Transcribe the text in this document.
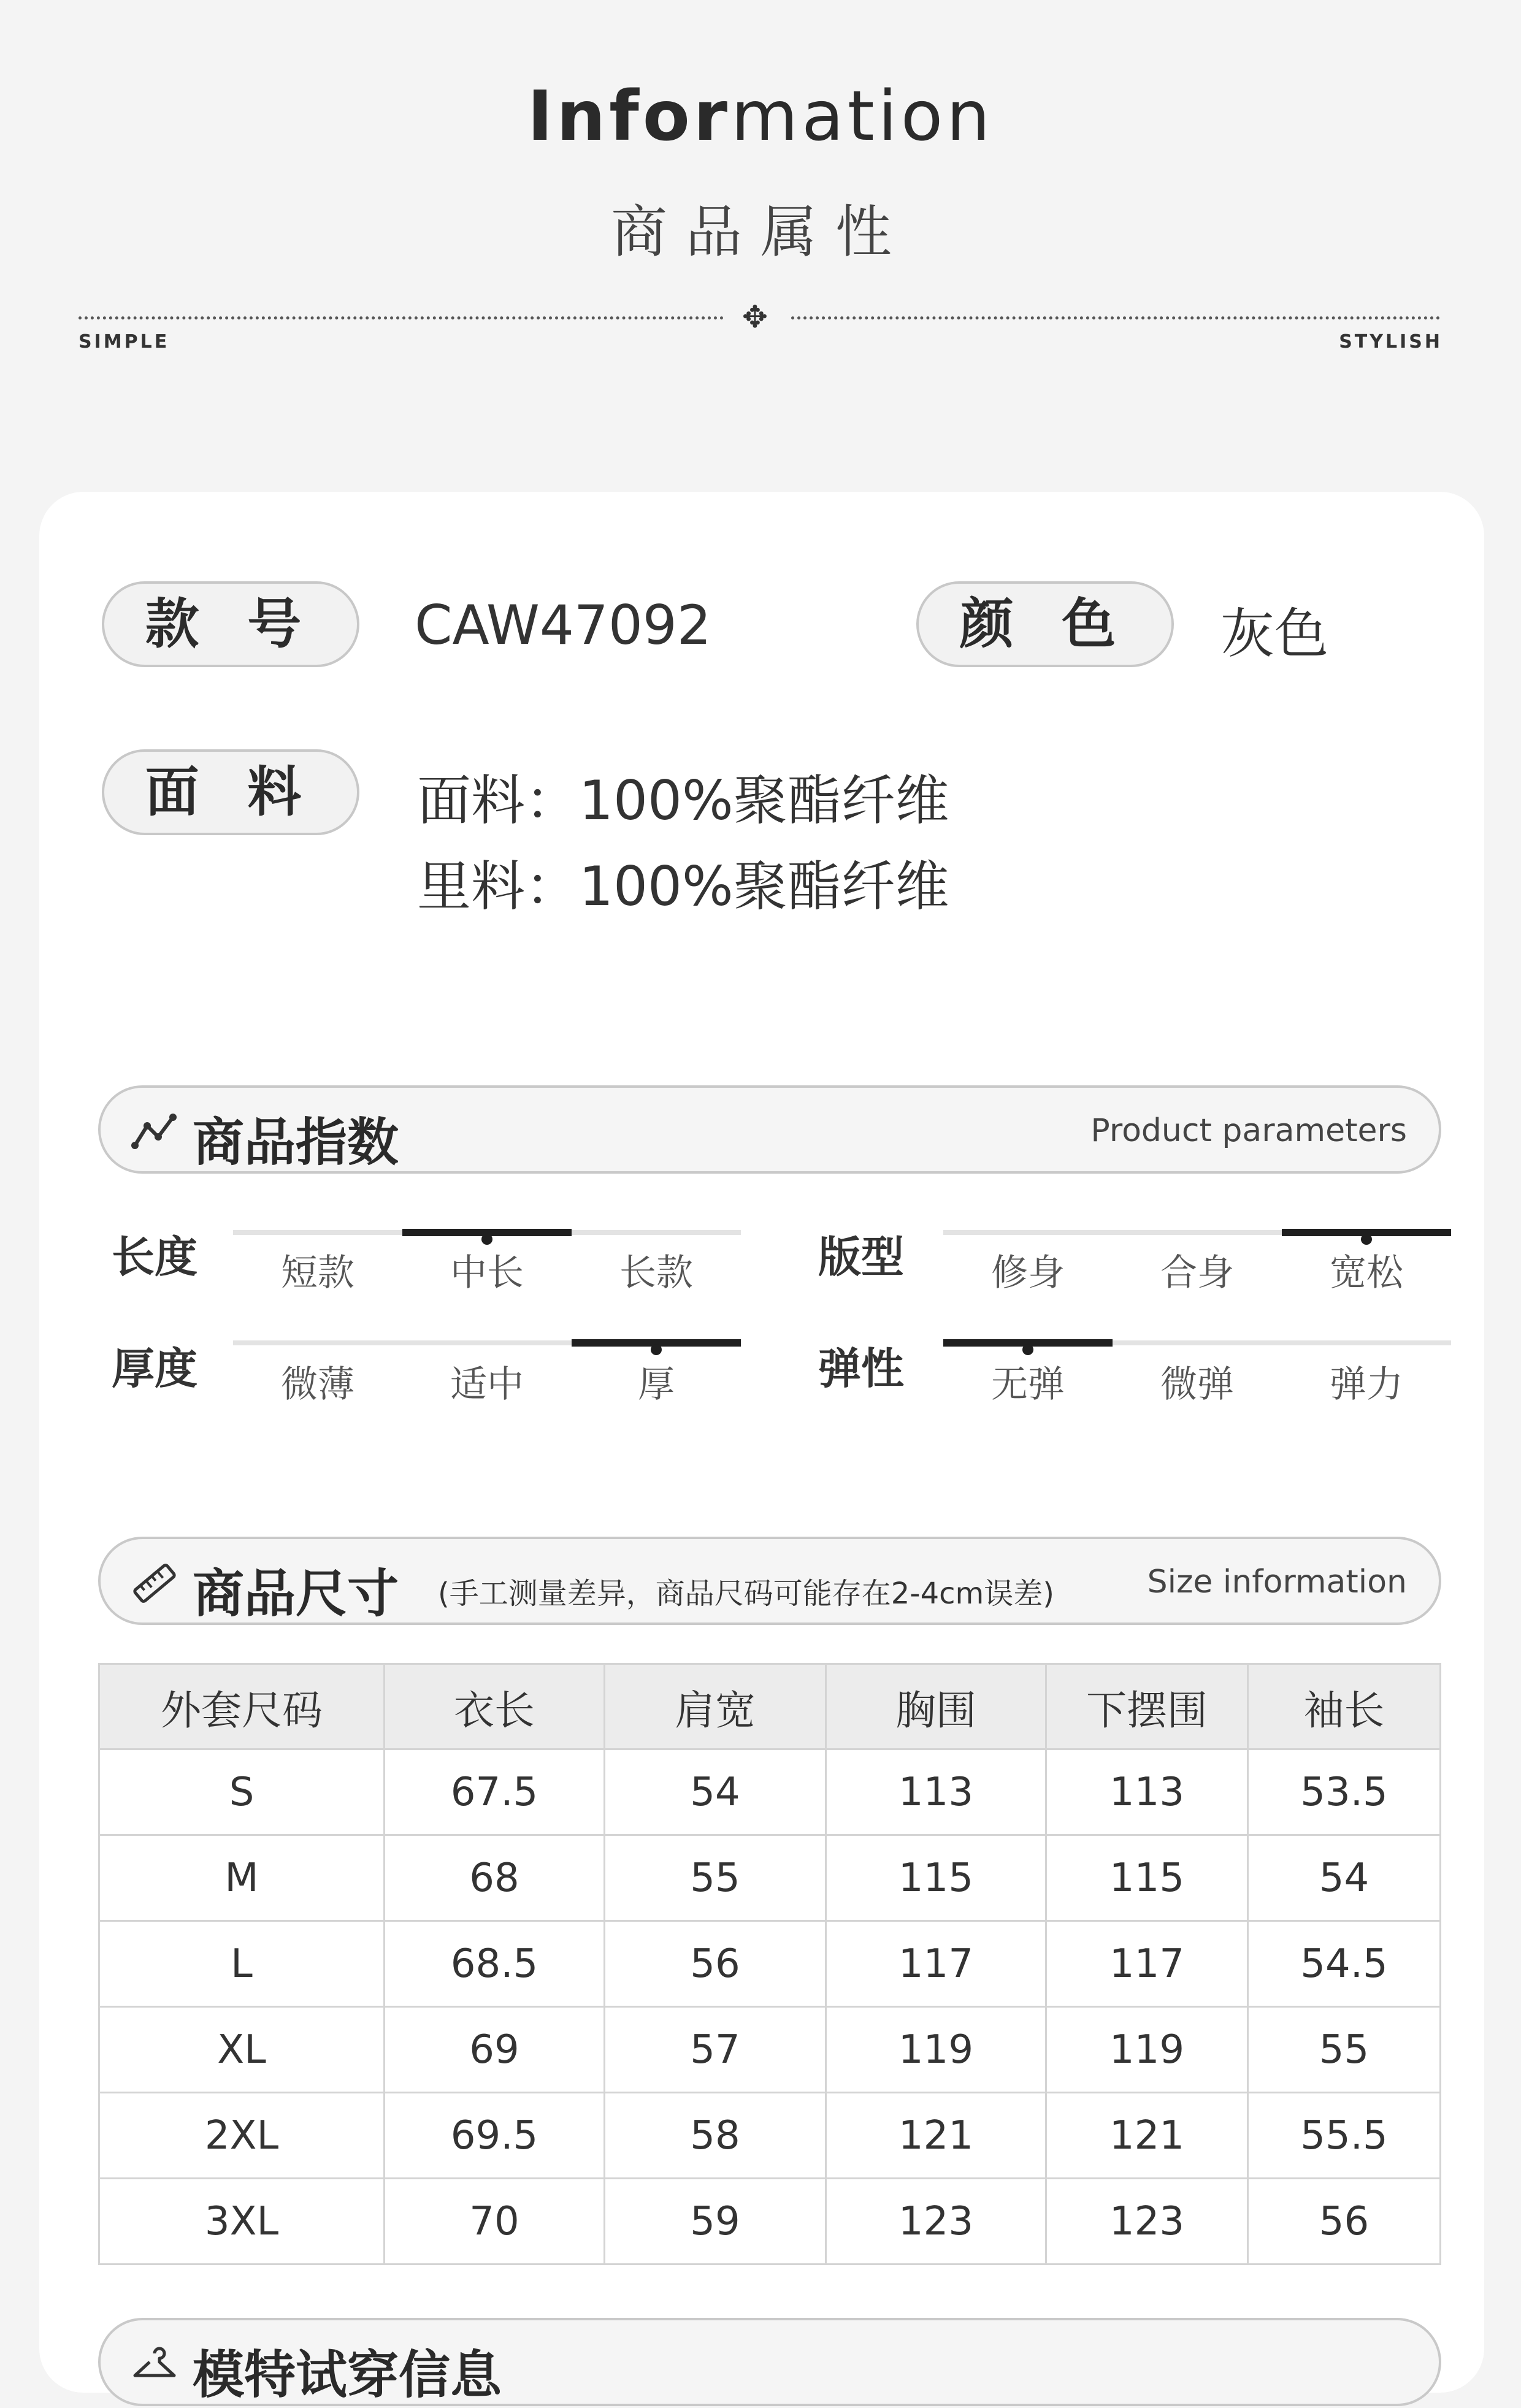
Information
商品属性
✥
SIMPLE	STYLISH
款 号	CAW47092	颜 色	灰色
面 料	面料：100%聚酯纤维
里料：100%聚酯纤维
商品指数	Product parameters
长度	短款	中长	长款	版型	修身	合身	宽松
厚度	微薄	适中	厚	弹性	无弹	微弹	弹力
商品尺寸 (手工测量差异，商品尺码可能存在2-4cm误差)	Size information
外套尺码	衣长	肩宽	胸围	下摆围	袖长
S	67.5	54	113	113	53.5
M	68	55	115	115	54
L	68.5	56	117	117	54.5
XL	69	57	119	119	55
2XL	69.5	58	121	121	55.5
3XL	70	59	123	123	56
模特试穿信息
